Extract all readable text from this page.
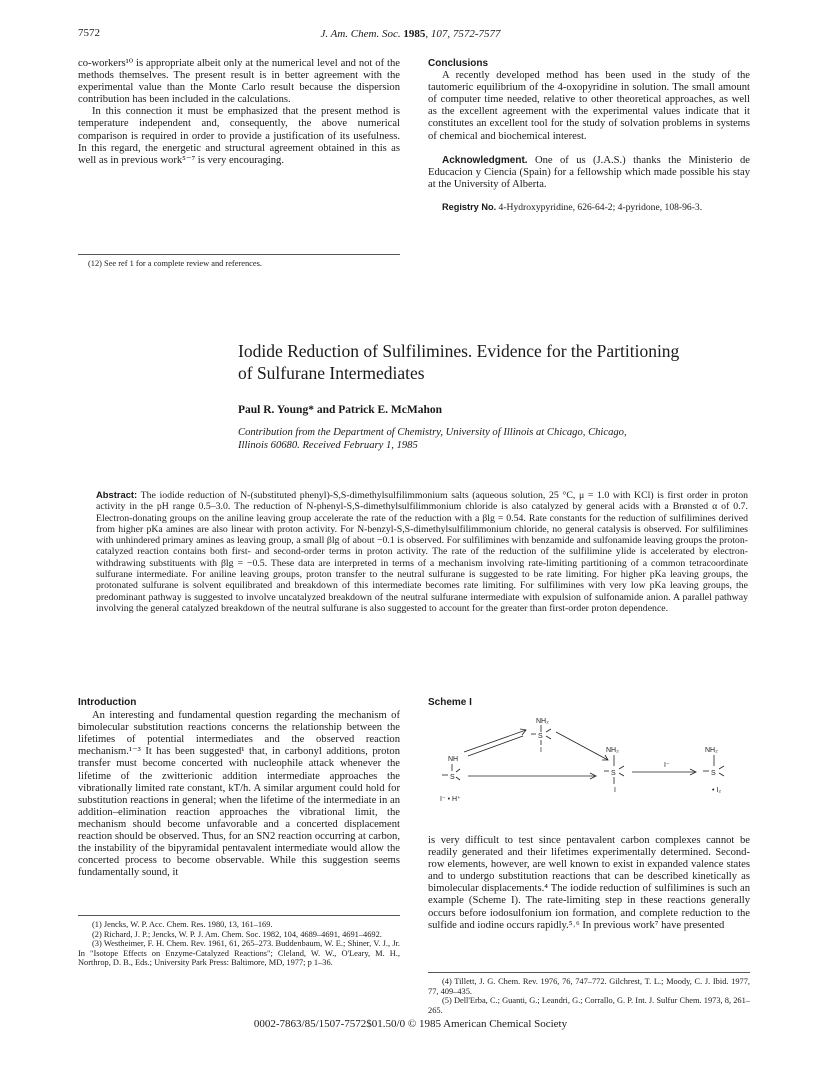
7572	J. Am. Chem. Soc. 1985, 107, 7572-7577

co-workers¹⁰ is appropriate albeit only at the numerical level and not of the methods themselves. The present result is in better agreement with the experimental value than the Monte Carlo result because the dispersion contribution has been included in the calculations.

In this connection it must be emphasized that the present method is temperature independent and, consequently, the above numerical comparison is required in order to provide a justification of its usefulness. In this regard, the energetic and structural agreement obtained in this as well as in previous work⁵⁻⁷ is very encouraging.

(12) See ref 1 for a complete review and references.

Conclusions

A recently developed method has been used in the study of the tautomeric equilibrium of the 4-oxopyridine in solution. The small amount of computer time needed, relative to other theoretical approaches, as well as the excellent agreement with the experimental values indicate that it constitutes an excellent tool for the study of solvation problems in systems of chemical and biochemical interest.

Acknowledgment. One of us (J.A.S.) thanks the Ministerio de Educacion y Ciencia (Spain) for a fellowship which made possible his stay at the University of Alberta.

Registry No. 4-Hydroxypyridine, 626-64-2; 4-pyridone, 108-96-3.

Iodide Reduction of Sulfilimines. Evidence for the Partitioning
of Sulfurane Intermediates
Paul R. Young* and Patrick E. McMahon
Contribution from the Department of Chemistry, University of Illinois at Chicago, Chicago,
Illinois 60680. Received February 1, 1985
Abstract: The iodide reduction of N-(substituted phenyl)-S,S-dimethylsulfilimmonium salts (aqueous solution, 25 °C, μ = 1.0 with KCl) is first order in proton activity in the pH range 0.5–3.0. The reduction of N-phenyl-S,S-dimethylsulfilimmonium chloride is also catalyzed by general acids with a Brønsted α of 0.7. Electron-donating groups on the aniline leaving group accelerate the rate of the reduction with a βlg = 0.54. Rate constants for the reduction of sulfilimines derived from higher pKa amines are also linear with proton activity. For N-benzyl-S,S-dimethylsulfilimmonium chloride, no general catalysis is observed. For sulfilimines with unhindered primary amines as leaving group, a small βlg of about −0.1 is observed. For sulfilimines with benzamide and sulfonamide leaving groups the proton-catalyzed reaction contains both first- and second-order terms in proton activity. The rate of the reduction of the sulfilimine ylide is accelerated by electron-withdrawing substituents with βlg = −0.5. These data are interpreted in terms of a mechanism involving rate-limiting partitioning of a common tetracoordinate sulfurane intermediate. For aniline leaving groups, proton transfer to the neutral sulfurane is suggested to be rate limiting. For higher pKa leaving groups, the protonated sulfurane is solvent equilibrated and breakdown of this intermediate becomes rate limiting. For sulfilimines with very low pKa leaving groups, the predominant pathway is suggested to involve uncatalyzed breakdown of the neutral sulfurane intermediate with expulsion of sulfonamide anion. A parallel pathway involving the general catalyzed breakdown of the neutral sulfurane is also suggested to account for the greater than first-order proton dependence.

Introduction

An interesting and fundamental question regarding the mechanism of bimolecular substitution reactions concerns the relationship between the lifetimes of potential intermediates and the observed reaction mechanism.¹⁻³ It has been suggested¹ that, in carbonyl additions, proton transfer must become concerted with nucleophile attack whenever the lifetime of the zwitterionic addition intermediate approaches the vibrationally limited rate constant, kT/h. A similar argument could hold for substitution reactions in general; when the lifetime of the intermediate in an addition–elimination reaction approaches the vibrational limit, the mechanism should become unfavorable and a concerted displacement reaction should be observed. Thus, for an SN2 reaction occurring at carbon, the instability of the bipyramidal pentavalent intermediate would allow the concerted process to become observable. While this suggestion seems fundamentally sound, it

(1) Jencks, W. P. Acc. Chem. Res. 1980, 13, 161–169.

(2) Richard, J. P.; Jencks, W. P. J. Am. Chem. Soc. 1982, 104, 4689–4691, 4691–4692.

(3) Westheimer, F. H. Chem. Rev. 1961, 61, 265–273. Buddenbaum, W. E.; Shiner, V. J., Jr. In "Isotope Effects on Enzyme-Catalyzed Reactions"; Cleland, W. W., O'Leary, M. H., Northrop, D. B., Eds.; University Park Press: Baltimore, MD, 1977; p 1–36.

Scheme I
NH₂
S
I
NH
S
I⁻ • H⁺
NH₂
S
I
I⁻
NH₂
S
• I₂

is very difficult to test since pentavalent carbon complexes cannot be readily generated and their lifetimes experimentally determined. Second-row elements, however, are well known to exist in expanded valence states and to undergo substitution reactions that can be described kinetically as bimolecular displacements.⁴ The iodide reduction of sulfilimines is such an example (Scheme I). The rate-limiting step in these reactions generally occurs before iodosulfonium ion formation, and complete reduction to the sulfide and iodine occurs rapidly.⁵˒⁶ In previous work⁷ have presented

(4) Tillett, J. G. Chem. Rev. 1976, 76, 747–772. Gilchrest, T. L.; Moody, C. J. Ibid. 1977, 77, 409–435.

(5) Dell'Erba, C.; Guanti, G.; Leandri, G.; Corrallo, G. P. Int. J. Sulfur Chem. 1973, 8, 261–265.

0002-7863/85/1507-7572$01.50/0 © 1985 American Chemical Society
